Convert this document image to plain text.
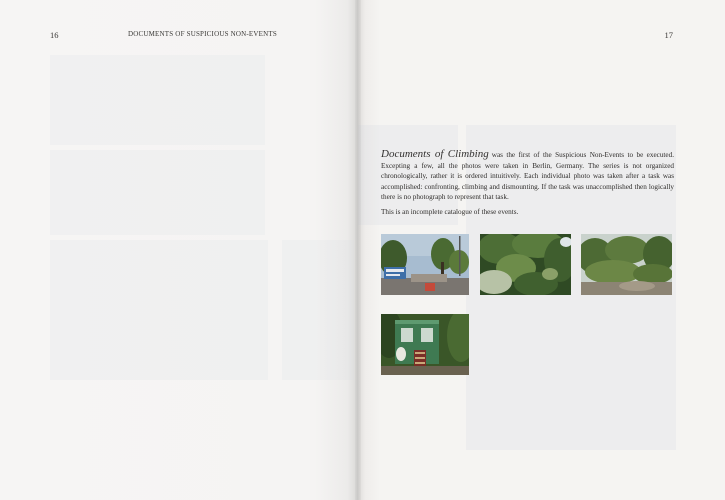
16	DOCUMENTS OF SUSPICIOUS NON-EVENTS	17

Documents of Climbing was the first of the Suspicious Non-Events to be executed. Excepting a few, all the photos were taken in Berlin, Germany. The series is not organized chronologically, rather it is ordered intuitively. Each individual photo was taken after a task was accomplished: confronting, climbing and dismounting. If the task was unaccomplished then logically there is no photograph to represent that task.

This is an incomplete catalogue of these events.
